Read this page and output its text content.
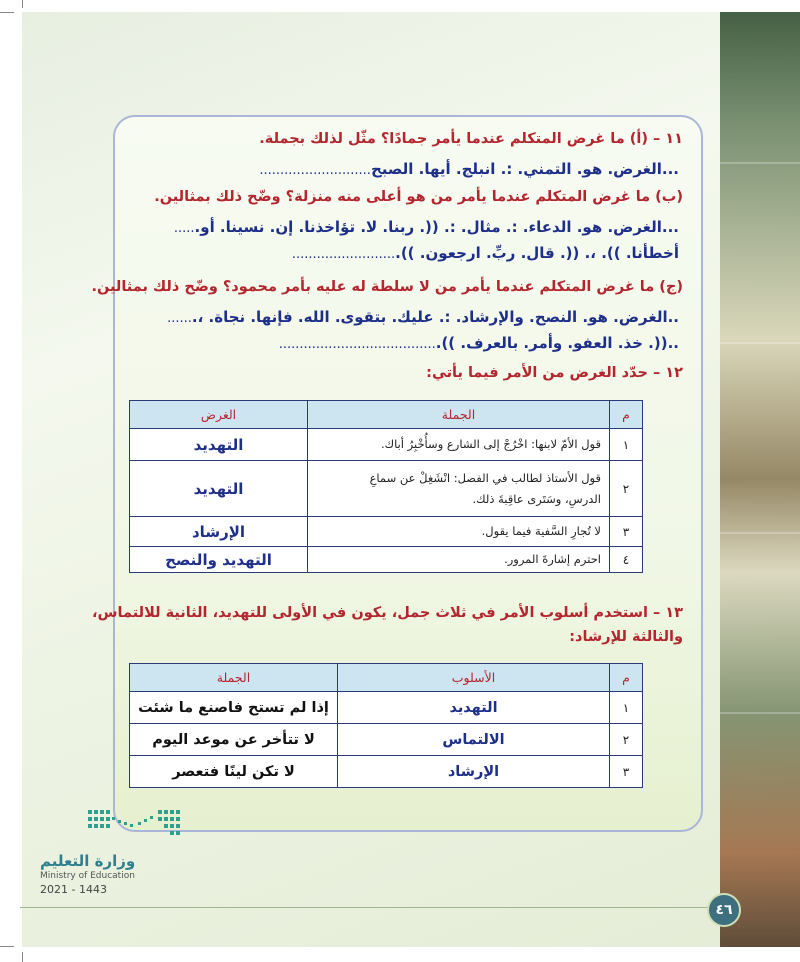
١١ – (أ) ما غرض المتكلم عندما يأمر جمادًا؟ مثّل لذلك بجملة.
...الغرض. هو. التمني. :. انبلج. أيها. الصبح...........................
(ب) ما غرض المتكلم عندما يأمر من هو أعلى منه منزلة؟ وضّح ذلك بمثالين.
...الغرض. هو. الدعاء. :. مثال. :. ((. ربنا. لا. تؤاخذنا. إن. نسينا. أو......
أخطأنا. )). ،. ((. قال. ربِّ. ارجعون. ))..........................
(ج) ما غرض المتكلم عندما يأمر من لا سلطة له عليه بأمر محمود؟ وضّح ذلك بمثالين.
..الغرض. هو. النصح. والإرشاد. :. عليك. بتقوى. الله. فإنها. نجاة. ،.......
..((. خذ. العفو. وأمر. بالعرف. )).......................................
١٢ – حدّد الغرض من الأمر فيما يأتي:
م	الجملة	الغرض
١	قول الأمّ لابنها: اخْرُجْ إلى الشارع وسأُخْبِرُ أباك.	التهديد
٢	قول الأستاذ لطالب في الفصل: انْشَغِلْ عن سماعِ
الدرسِ، وسَتَرى عاقِبةَ ذلك.	التهديد
٣	لا تُجارِ السَّفيهَ فيما يقول.	الإرشاد
٤	احترم إشارةَ المرور.	التهديد والنصح
١٣ – استخدم أسلوب الأمر في ثلاث جمل، يكون في الأولى للتهديد، الثانية للالتماس،
والثالثة للإرشاد:
م	الأسلوب	الجملة
١	التهديد	إذا لم تستح فاصنع ما شئت
٢	الالتماس	لا تتأخر عن موعد اليوم
٣	الإرشاد	لا تكن لينًا فتعصر
وزارة التعليم
Ministry of Education
2021 - 1443
٤٦
